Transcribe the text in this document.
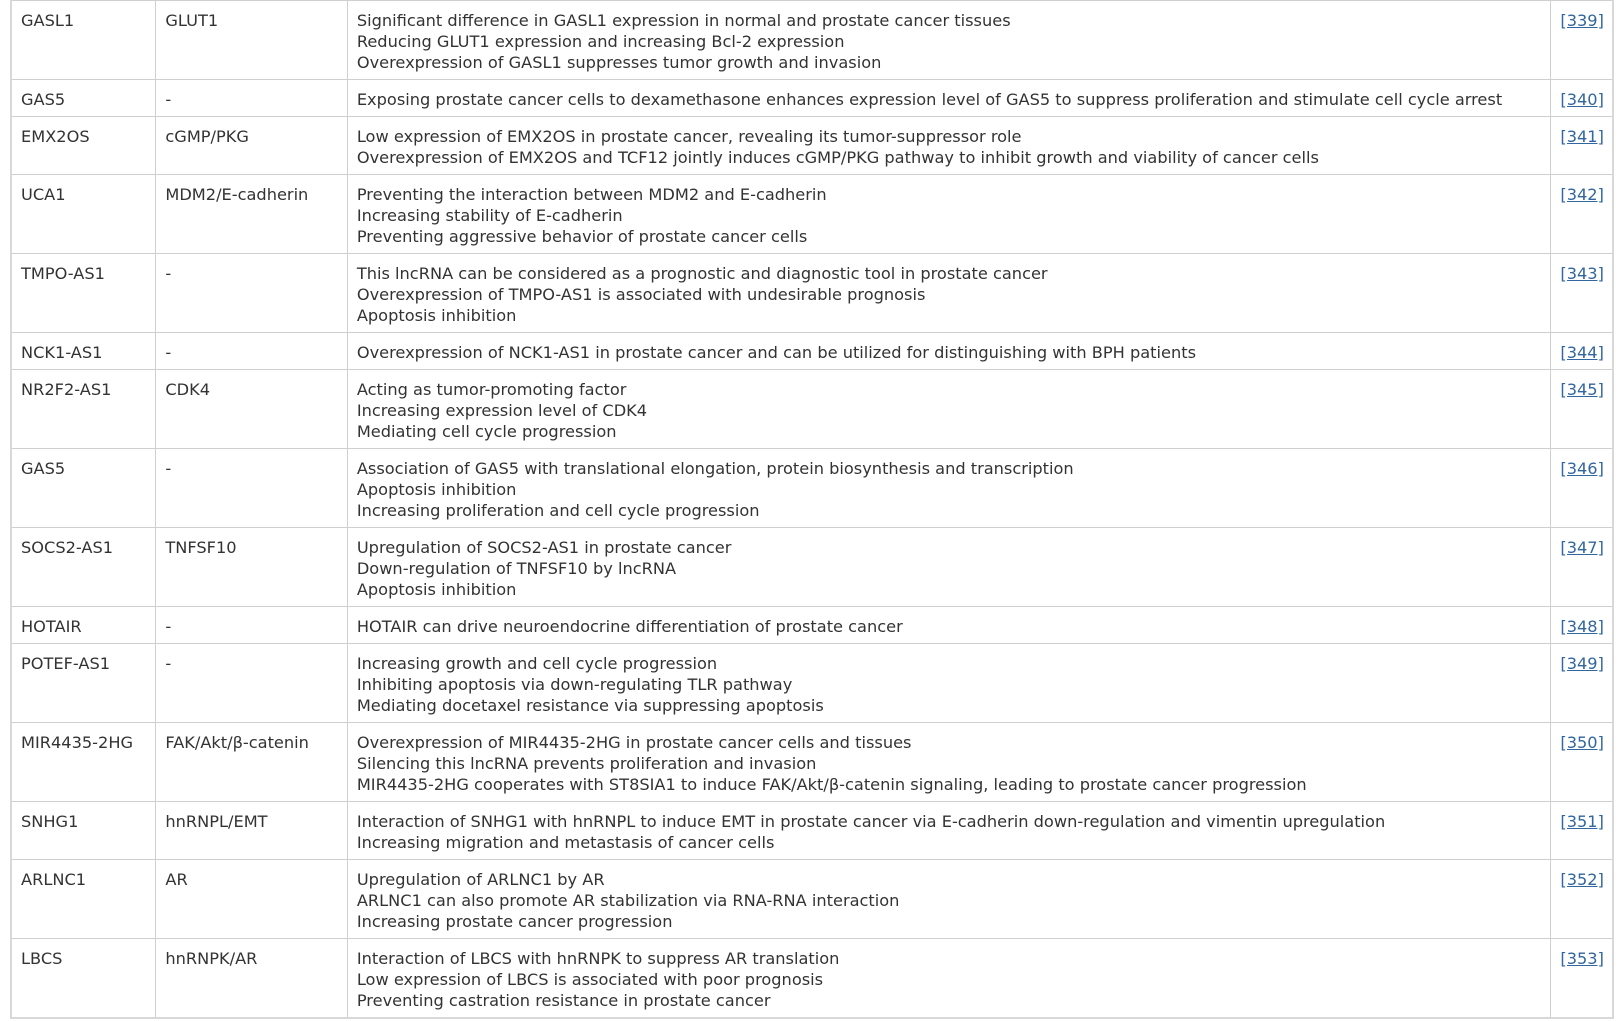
GASL1	GLUT1	Significant difference in GASL1 expression in normal and prostate cancer tissues
Reducing GLUT1 expression and increasing Bcl-2 expression
Overexpression of GASL1 suppresses tumor growth and invasion	[339]
GAS5	-	Exposing prostate cancer cells to dexamethasone enhances expression level of GAS5 to suppress proliferation and stimulate cell cycle arrest	[340]
EMX2OS	cGMP/PKG	Low expression of EMX2OS in prostate cancer, revealing its tumor-suppressor role
Overexpression of EMX2OS and TCF12 jointly induces cGMP/PKG pathway to inhibit growth and viability of cancer cells	[341]
UCA1	MDM2/E-cadherin	Preventing the interaction between MDM2 and E-cadherin
Increasing stability of E-cadherin
Preventing aggressive behavior of prostate cancer cells	[342]
TMPO-AS1	-	This lncRNA can be considered as a prognostic and diagnostic tool in prostate cancer
Overexpression of TMPO-AS1 is associated with undesirable prognosis
Apoptosis inhibition	[343]
NCK1-AS1	-	Overexpression of NCK1-AS1 in prostate cancer and can be utilized for distinguishing with BPH patients	[344]
NR2F2-AS1	CDK4	Acting as tumor-promoting factor
Increasing expression level of CDK4
Mediating cell cycle progression	[345]
GAS5	-	Association of GAS5 with translational elongation, protein biosynthesis and transcription
Apoptosis inhibition
Increasing proliferation and cell cycle progression	[346]
SOCS2-AS1	TNFSF10	Upregulation of SOCS2-AS1 in prostate cancer
Down-regulation of TNFSF10 by lncRNA
Apoptosis inhibition	[347]
HOTAIR	-	HOTAIR can drive neuroendocrine differentiation of prostate cancer	[348]
POTEF-AS1	-	Increasing growth and cell cycle progression
Inhibiting apoptosis via down-regulating TLR pathway
Mediating docetaxel resistance via suppressing apoptosis	[349]
MIR4435-2HG	FAK/Akt/β-catenin	Overexpression of MIR4435-2HG in prostate cancer cells and tissues
Silencing this lncRNA prevents proliferation and invasion
MIR4435-2HG cooperates with ST8SIA1 to induce FAK/Akt/β-catenin signaling, leading to prostate cancer progression	[350]
SNHG1	hnRNPL/EMT	Interaction of SNHG1 with hnRNPL to induce EMT in prostate cancer via E-cadherin down-regulation and vimentin upregulation
Increasing migration and metastasis of cancer cells	[351]
ARLNC1	AR	Upregulation of ARLNC1 by AR
ARLNC1 can also promote AR stabilization via RNA-RNA interaction
Increasing prostate cancer progression	[352]
LBCS	hnRNPK/AR	Interaction of LBCS with hnRNPK to suppress AR translation
Low expression of LBCS is associated with poor prognosis
Preventing castration resistance in prostate cancer	[353]
